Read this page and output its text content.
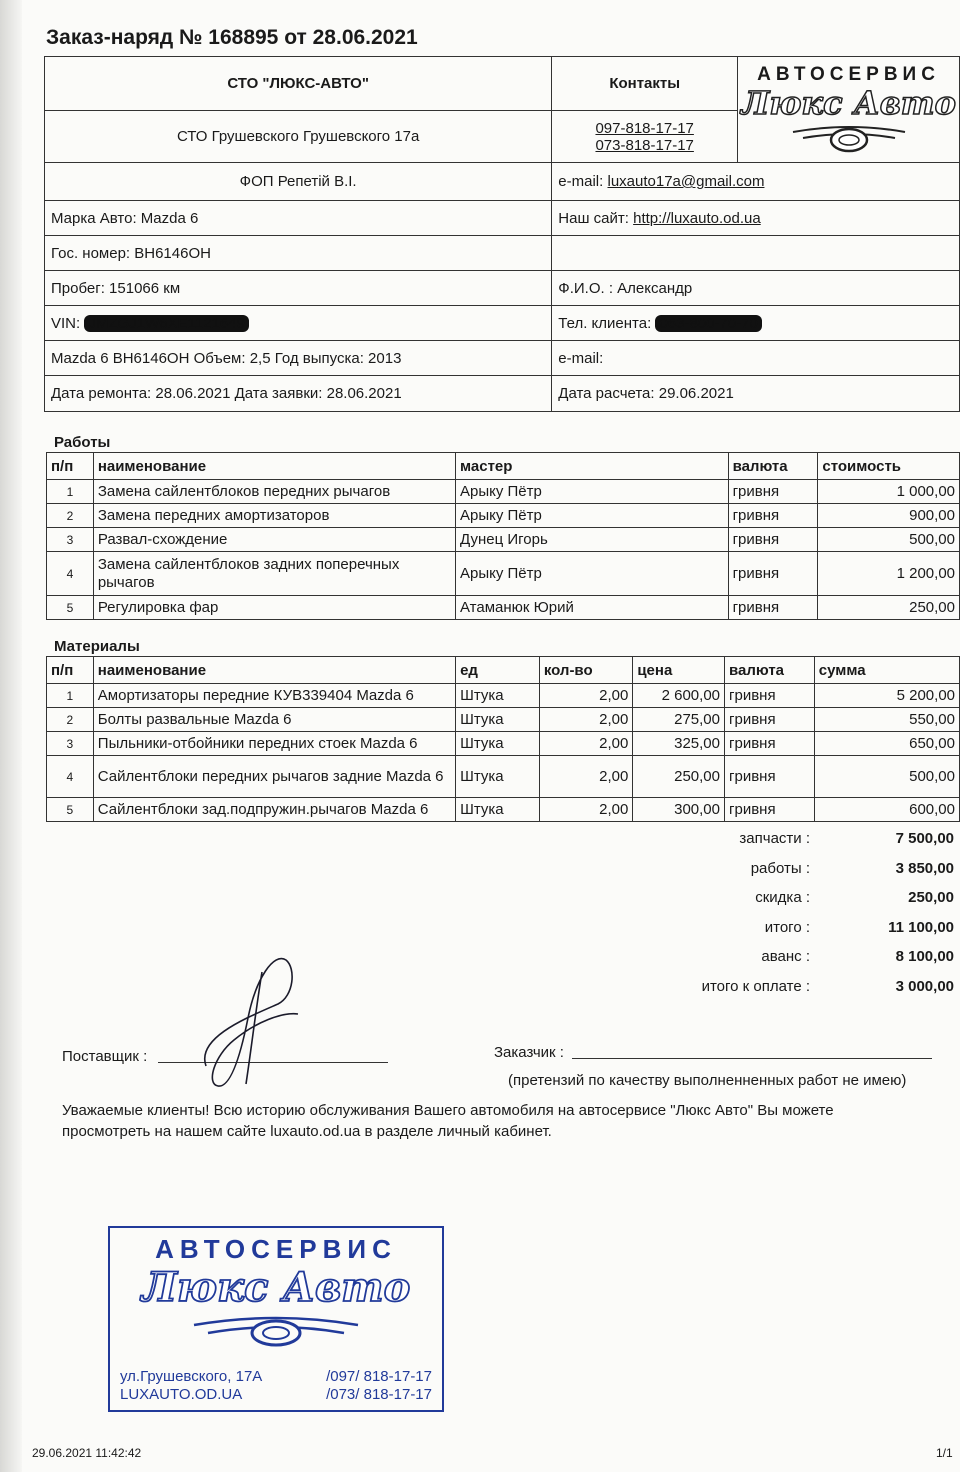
Заказ-наряд № 168895 от 28.06.2021
СТО "ЛЮКС-АВТО"	Контакты	АВТОСЕРВИС
Люкс Авто

СТО Грушевского Грушевского 17а	097-818-17-17
073-818-17-17	

ФОП Репетій В.І.	e-mail: luxauto17a@gmail.com	
Марка Авто: Mazda 6	Наш сайт: http://luxauto.od.ua	
Гос. номер: ВН6146ОН		
Пробег: 151066 км	Ф.И.О. : Александр	
VIN: JMZGJ1W6XE1121649	Тел. клиента: 063-800-70-70	
Mazda 6 ВН6146ОН Объем: 2,5 Год выпуска: 2013	e-mail:	
Дата ремонта: 28.06.2021 Дата заявки: 28.06.2021	Дата расчета: 29.06.2021	
Работы
п/п	наименование	мастер	валюта	стоимость
1	Замена сайлентблоков передних рычагов	Арыку Пётр	гривня	1 000,00
2	Замена передних амортизаторов	Арыку Пётр	гривня	900,00
3	Развал-схождение	Дунец Игорь	гривня	500,00
4	Замена сайлентблоков задних поперечных рычагов	Арыку Пётр	гривня	1 200,00
5	Регулировка фар	Атаманюк Юрий	гривня	250,00
Материалы
п/п	наименование	ед	кол-во	цена	валюта	сумма
1	Амортизаторы передние КУВ339404 Mazda 6	Штука	2,00	2 600,00	гривня	5 200,00
2	Болты развальные Mazda 6	Штука	2,00	275,00	гривня	550,00
3	Пыльники-отбойники передних стоек Mazda 6	Штука	2,00	325,00	гривня	650,00
4	Сайлентблоки передних рычагов задние Mazda 6	Штука	2,00	250,00	гривня	500,00
5	Сайлентблоки зад.подпружин.рычагов Mazda 6	Штука	2,00	300,00	гривня	600,00
запчасти :	7 500,00
работы :	3 850,00
скидка :	250,00
итого :	11 100,00
аванс :	8 100,00
итого к оплате :	3 000,00
Поставщик :	Заказчик :
(претензий по качеству выполненненных работ не имею)
Уважаемые клиенты! Всю историю обслуживания Вашего автомобиля на автосервисе "Люкс Авто" Вы можете просмотреть на нашем сайте luxauto.od.ua в разделе личный кабинет.
АВТОСЕРВИС
Люкс Авто
ул.Грушевского, 17А
LUXAUTO.OD.UA
/097/ 818-17-17
/073/ 818-17-17
29.06.2021 11:42:42	1/1
